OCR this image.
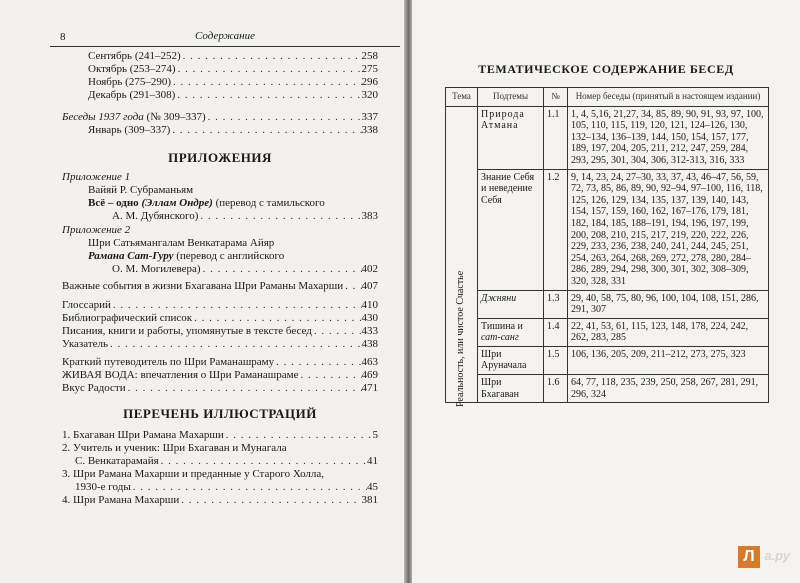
8	Содержание
Сентябрь (241–252) . . .	258
Октябрь (253–274) . . .	275
Ноябрь (275–290) . . .	296
Декабрь (291–308) . . .	320
Беседы 1937 года (№ 309–337) . . .	337
Январь (309–337) . . .	338
ПРИЛОЖЕНИЯ
Приложение 1
Вайяй Р. Субраманьям
Всё – одно (Эллам Ондре) (перевод с тамильского
А. М. Дубянского) . . .	383
Приложение 2
Шри Сатьямангалам Венкатарама Айяр
Рамана Сат-Гуру (перевод с английского
О. М. Могилевера) . . .	402
Важные события в жизни Бхагавана Шри Раманы Махарши . . . 407
Глоссарий . . .	410
Библиографический список . . .	430
Писания, книги и работы, упомянутые в тексте бесед . . .	433
Указатель . . .	438
Краткий путеводитель по Шри Раманашраму . . .	463
ЖИВАЯ ВОДА: впечатления о Шри Раманашраме . . .	469
Вкус Радости . . .	471
ПЕРЕЧЕНЬ ИЛЛЮСТРАЦИЙ
1. Бхагаван Шри Рамана Махарши . . .	5
2. Учитель и ученик: Шри Бхагаван и Мунагала
С. Венкатарамайя . . .	41
3. Шри Рамана Махарши и преданные у Старого Холла,
1930-е годы . . .	45
4. Шри Рамана Махарши . . .	381
ТЕМАТИЧЕСКОЕ СОДЕРЖАНИЕ БЕСЕД
Тема	Подтемы	№	Номер беседы (принятый в настоящем издании)

Реальность, или чистое Счастье	Природа Атмана	1.1	1, 4, 5,16, 21,27, 34, 85, 89, 90, 91, 93, 97, 100, 105, 110, 115, 119, 120, 121, 124–126, 130, 132–134, 136–139, 144, 150, 154, 157, 177, 189, 197, 204, 205, 211, 212, 247, 259, 284, 293, 295, 301, 304, 306, 312-313, 316, 333
	Знание Себя и неведение Себя	1.2	9, 14, 23, 24, 27–30, 33, 37, 43, 46–47, 56, 59, 72, 73, 85, 86, 89, 90, 92–94, 97–100, 116, 118, 125, 126, 129, 134, 135, 137, 139, 140, 143, 154, 157, 159, 160, 162, 167–176, 179, 181, 182, 184, 185, 188–191, 194, 196, 197, 199, 200, 208, 210, 215, 217, 219, 220, 222, 226, 229, 233, 236, 238, 240, 241, 244, 245, 251, 254, 263, 264, 268, 269, 272, 278, 280, 284–286, 289, 294, 298, 300, 301, 302, 308–309, 320, 328, 331
	Джняни	1.3	29, 40, 58, 75, 80, 96, 100, 104, 108, 151, 286, 291, 307
	Тишина и сат-санг	1.4	22, 41, 53, 61, 115, 123, 148, 178, 224, 242, 262, 283, 285
	Шри Аруначала	1.5	106, 136, 205, 209, 211–212, 273, 275, 323
	Шри Бхагаван	1.6	64, 77, 118, 235, 239, 250, 258, 267, 281, 291, 296, 324
Л а.ру
